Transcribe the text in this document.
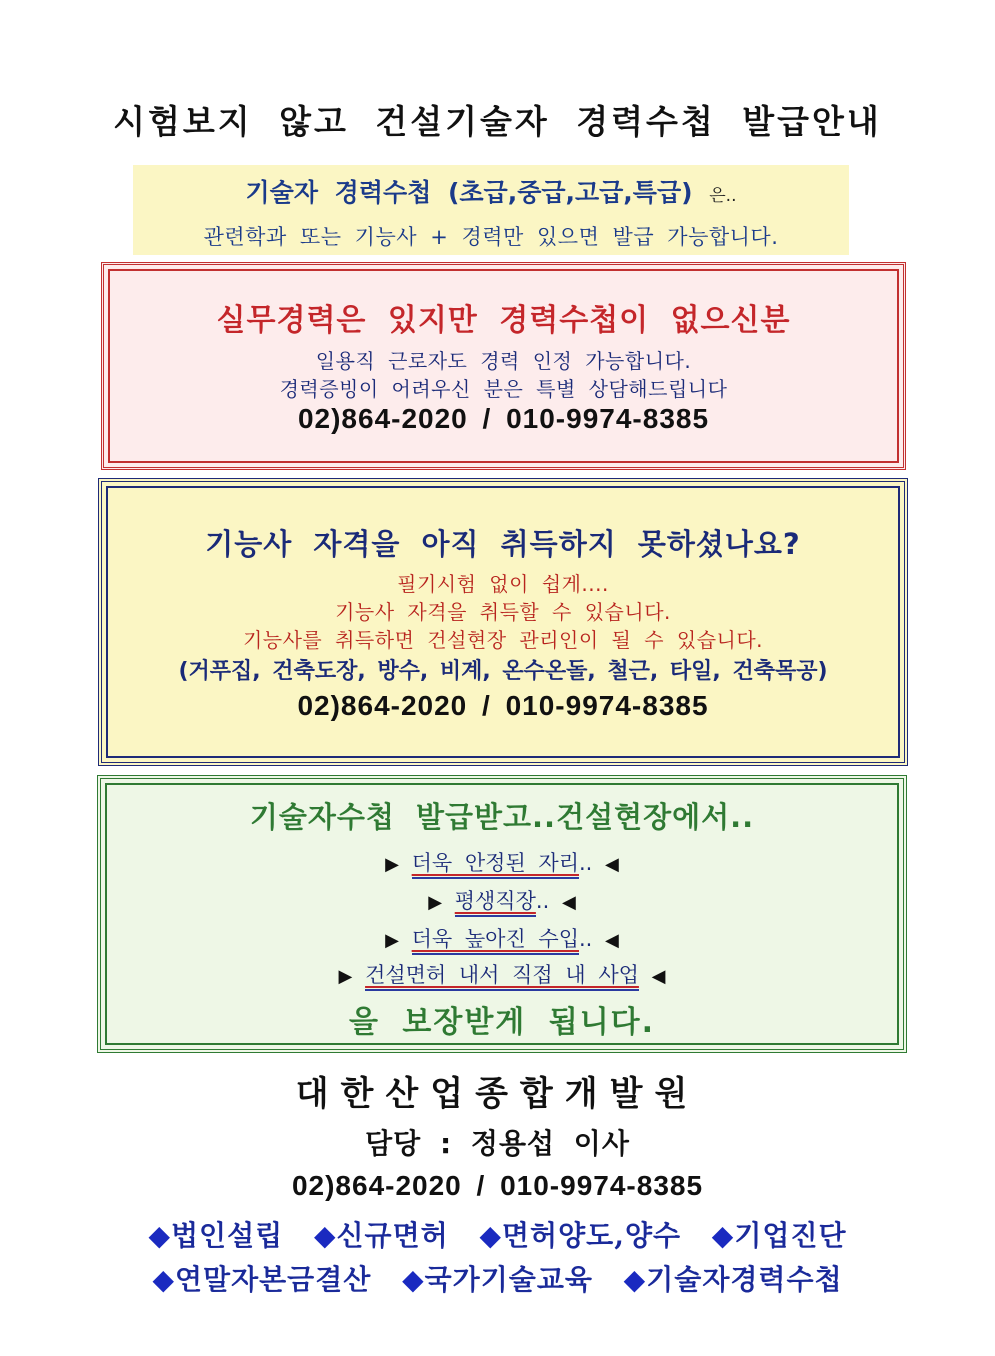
시험보지 않고 건설기술자 경력수첩 발급안내
기술자 경력수첩 (초급,중급,고급,특급) 은..
관련학과 또는 기능사 + 경력만 있으면 발급 가능합니다.
실무경력은 있지만 경력수첩이 없으신분
일용직 근로자도 경력 인정 가능합니다.
경력증빙이 어려우신 분은 특별 상담해드립니다
02)864-2020 / 010-9974-8385
기능사 자격을 아직 취득하지 못하셨나요?
필기시험 없이 쉽게....
기능사 자격을 취득할 수 있습니다.
기능사를 취득하면 건설현장 관리인이 될 수 있습니다.
(거푸집, 건축도장, 방수, 비계, 온수온돌, 철근, 타일, 건축목공)
02)864-2020 / 010-9974-8385
기술자수첩 발급받고..건설현장에서..
▶ 더욱 안정된 자리.. ◀
▶ 평생직장.. ◀
▶ 더욱 높아진 수입.. ◀
▶ 건설면허 내서 직접 내 사업 ◀
을 보장받게 됩니다.
대한산업종합개발원
담당 : 정용섭 이사
02)864-2020 / 010-9974-8385
◆법인설립 ◆신규면허 ◆면허양도,양수 ◆기업진단
◆연말자본금결산 ◆국가기술교육 ◆기술자경력수첩
